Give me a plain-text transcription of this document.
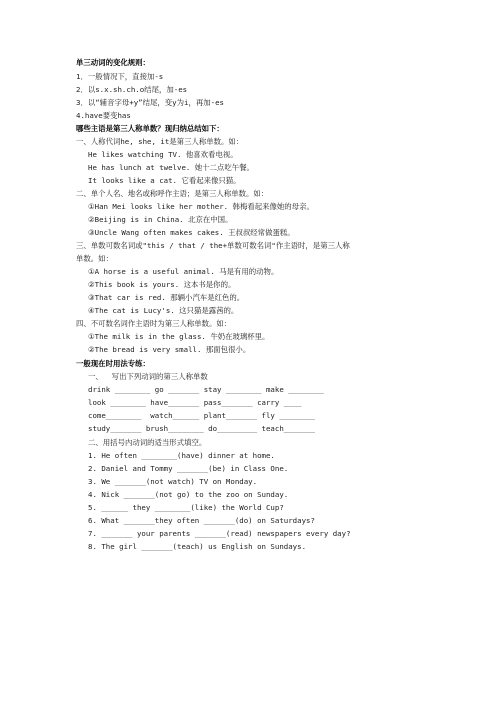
单三动词的变化规则：
1．一般情况下，直接加-s
2．以s.x.sh.ch.o结尾，加-es
3．以“辅音字母+y”结尾，变y为i，再加-es
4.have要变has
哪些主语是第三人称单数？现归纳总结如下：
一、人称代词he, she, it是第三人称单数。如：
He likes watching TV. 他喜欢看电视。
He has lunch at twelve. 她十二点吃午餐。
It looks like a cat. 它看起来像只猫。
二、单个人名、地名或称呼作主语；是第三人称单数。如：
①Han Mei looks like her mother. 韩梅看起来像她的母亲。
②Beijing is in China. 北京在中国。
③Uncle Wang often makes cakes. 王叔叔经常做蛋糕。
三、单数可数名词或"this / that / the+单数可数名词"作主语时，是第三人称
单数。如：
①A horse is a useful animal. 马是有用的动物。
②This book is yours. 这本书是你的。
③That car is red. 那辆小汽车是红色的。
④The cat is Lucy's. 这只猫是露茜的。
四、不可数名词作主语时为第三人称单数。如：
①The milk is in the glass. 牛奶在玻璃杯里。
②The bread is very small. 那面包很小。
一般现在时用法专练：
一、  写出下列动词的第三人称单数
drink ________ go _______ stay ________ make ________
look ________ have_______ pass_______ carry ____
come________  watch______ plant_______ fly ________
study_______ brush________ do_________ teach_______
二、用括号内动词的适当形式填空。
1. He often ________(have) dinner at home.
2. Daniel and Tommy _______(be) in Class One.
3. We _______(not watch) TV on Monday.
4. Nick _______(not go) to the zoo on Sunday.
5. ______ they ________(like) the World Cup?
6. What _______they often _______(do) on Saturdays?
7. _______ your parents _______(read) newspapers every day?
8. The girl _______(teach) us English on Sundays.
